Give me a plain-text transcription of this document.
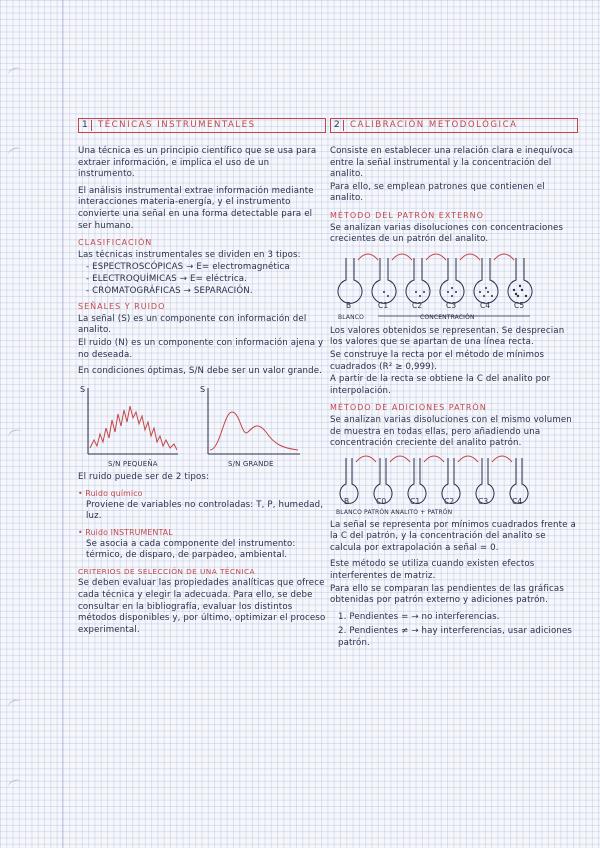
1	TÉCNICAS INSTRUMENTALES

Una técnica es un principio científico que se usa para extraer información, e implica el uso de un instrumento.

El análisis instrumental extrae información mediante interacciones materia-energía, y el instrumento convierte una señal en una forma detectable para el ser humano.

CLASIFICACIÓN

Las técnicas instrumentales se dividen en 3 tipos:

- ESPECTROSCÓPICAS → E= electromagnética
- ELECTROQUÍMICAS → E= eléctrica.
- CROMATOGRÁFICAS → SEPARACIÓN.
SEÑALES Y RUIDO

La señal (S) es un componente con información del analito.

El ruido (N) es un componente con información ajena y no deseada.

En condiciones óptimas, S/N debe ser un valor grande.

S
S/N PEQUEÑA
S
S/N GRANDE

El ruido puede ser de 2 tipos:

• Ruido químico
Proviene de variables no controladas: T, P, humedad, luz.
• Ruido INSTRUMENTAL
Se asocia a cada componente del instrumento: térmico, de disparo, de parpadeo, ambiental.
CRITERIOS DE SELECCIÓN DE UNA TÉCNICA

Se deben evaluar las propiedades analíticas que ofrece cada técnica y elegir la adecuada. Para ello, se debe consultar en la bibliografía, evaluar los distintos métodos disponibles y, por último, optimizar el proceso experimental.

2	CALIBRACIÓN METODOLÓGICA

Consiste en establecer una relación clara e inequívoca entre la señal instrumental y la concentración del analito.

Para ello, se emplean patrones que contienen el analito.

MÉTODO DEL PATRÓN EXTERNO

Se analizan varias disoluciones con concentraciones crecientes de un patrón del analito.

B	C1	C2	C3	C4	C5
BLANCO	CONCENTRACIÓN

Los valores obtenidos se representan. Se desprecian los valores que se apartan de una línea recta.

Se construye la recta por el método de mínimos cuadrados (R² ≥ 0,999).

A partir de la recta se obtiene la C del analito por interpolación.

MÉTODO DE ADICIONES PATRÓN

Se analizan varias disoluciones con el mismo volumen de muestra en todas ellas, pero añadiendo una concentración creciente del analito patrón.

B	C0	C1	C2	C3	C4
BLANCO PATRÓN ANALITO + PATRÓN

La señal se representa por mínimos cuadrados frente a la C del patrón, y la concentración del analito se calcula por extrapolación a señal = 0.

Este método se utiliza cuando existen efectos interferentes de matriz.

Para ello se comparan las pendientes de las gráficas obtenidas por patrón externo y adiciones patrón.

1. Pendientes = → no interferencias.
2. Pendientes ≠ → hay interferencias, usar adiciones patrón.
